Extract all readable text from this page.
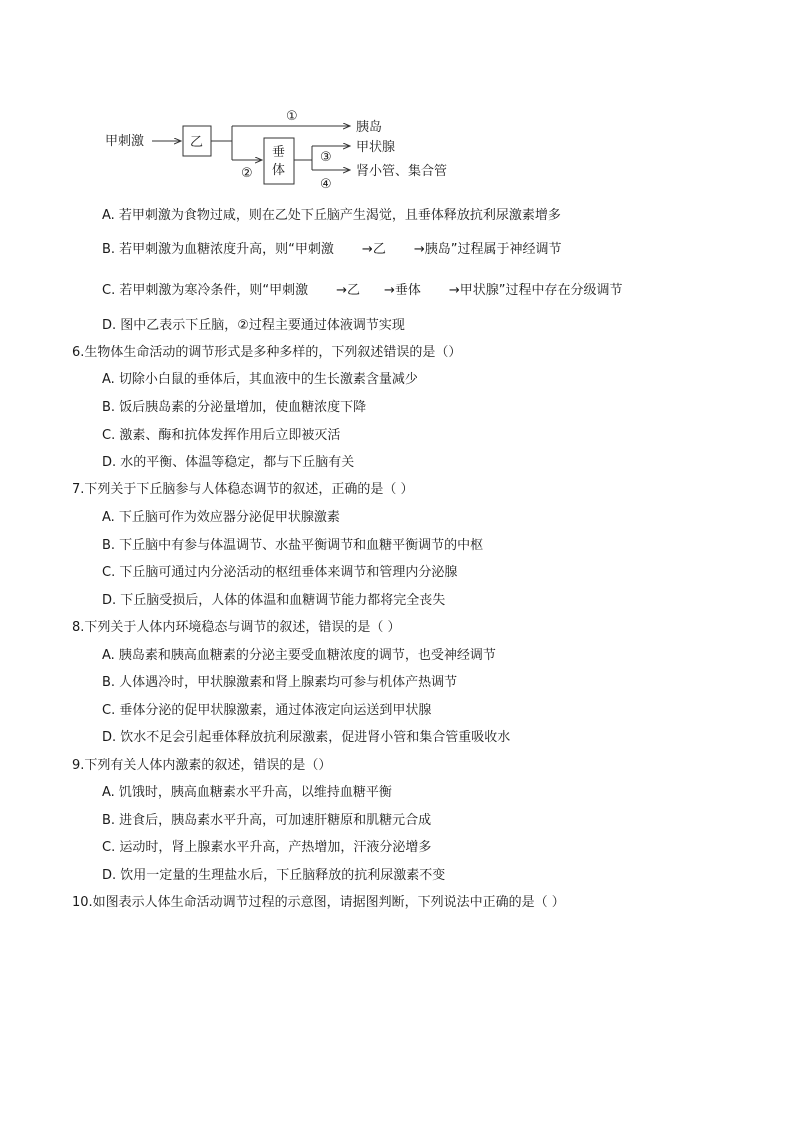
甲刺激	乙
①
胰岛
②
垂
体
甲状腺
③
肾小管、集合管
④
A. 若甲刺激为食物过咸，则在乙处下丘脑产生渴觉，且垂体释放抗利尿激素增多
B. 若甲刺激为血糖浓度升高，则“甲刺激 →乙 →胰岛”过程属于神经调节
C. 若甲刺激为寒冷条件，则“甲刺激 →乙 →垂体 →甲状腺”过程中存在分级调节
D. 图中乙表示下丘脑，②过程主要通过体液调节实现
6.生物体生命活动的调节形式是多种多样的，下列叙述错误的是（）
A. 切除小白鼠的垂体后，其血液中的生长激素含量减少
B. 饭后胰岛素的分泌量增加，使血糖浓度下降
C. 激素、酶和抗体发挥作用后立即被灭活
D. 水的平衡、体温等稳定，都与下丘脑有关
7.下列关于下丘脑参与人体稳态调节的叙述，正确的是（ ）
A. 下丘脑可作为效应器分泌促甲状腺激素
B. 下丘脑中有参与体温调节、水盐平衡调节和血糖平衡调节的中枢
C. 下丘脑可通过内分泌活动的枢纽垂体来调节和管理内分泌腺
D. 下丘脑受损后，人体的体温和血糖调节能力都将完全丧失
8.下列关于人体内环境稳态与调节的叙述，错误的是（ ）
A. 胰岛素和胰高血糖素的分泌主要受血糖浓度的调节，也受神经调节
B. 人体遇冷时，甲状腺激素和肾上腺素均可参与机体产热调节
C. 垂体分泌的促甲状腺激素，通过体液定向运送到甲状腺
D. 饮水不足会引起垂体释放抗利尿激素，促进肾小管和集合管重吸收水
9.下列有关人体内激素的叙述，错误的是（）
A. 饥饿时，胰高血糖素水平升高，以维持血糖平衡
B. 进食后，胰岛素水平升高，可加速肝糖原和肌糖元合成
C. 运动时，肾上腺素水平升高，产热增加，汗液分泌增多
D. 饮用一定量的生理盐水后，下丘脑释放的抗利尿激素不变
10.如图表示人体生命活动调节过程的示意图，请据图判断，下列说法中正确的是（ ）
